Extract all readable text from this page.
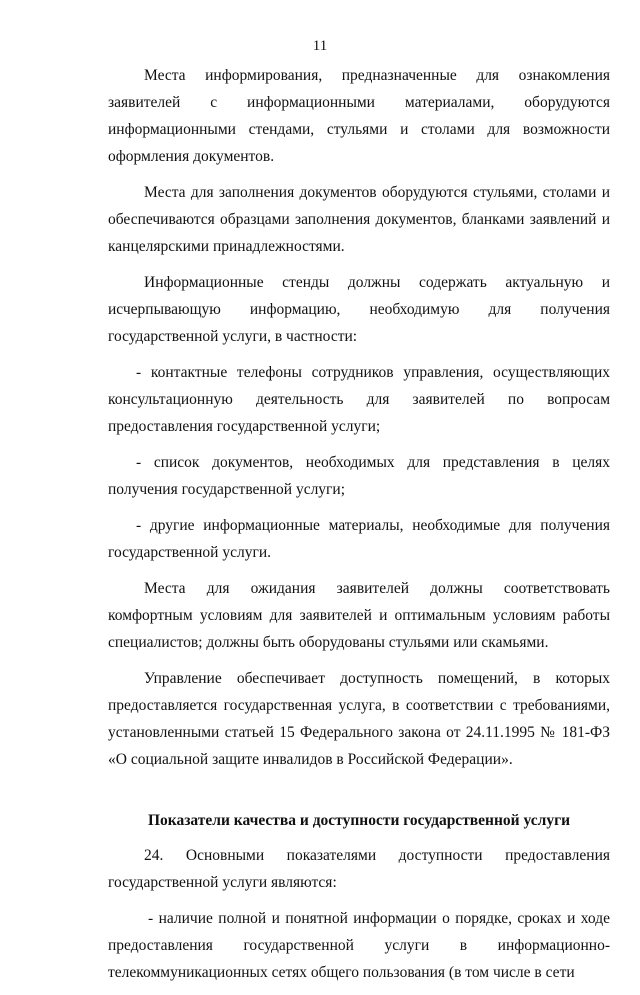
11

Места информирования, предназначенные для ознакомления заявителей с информационными материалами, оборудуются информационными стендами, стульями и столами для возможности оформления документов.

Места для заполнения документов оборудуются стульями, столами и обеспечиваются образцами заполнения документов, бланками заявлений и канцелярскими принадлежностями.

Информационные стенды должны содержать актуальную и исчерпывающую информацию, необходимую для получения государственной услуги, в частности:

- контактные телефоны сотрудников управления, осуществляющих консультационную деятельность для заявителей по вопросам предоставления государственной услуги;

- список документов, необходимых для представления в целях получения государственной услуги;

- другие информационные материалы, необходимые для получения государственной услуги.

Места для ожидания заявителей должны соответствовать комфортным условиям для заявителей и оптимальным условиям работы специалистов; должны быть оборудованы стульями или скамьями.

Управление обеспечивает доступность помещений, в которых предоставляется государственная услуга, в соответствии с требованиями, установленными статьей 15 Федерального закона от 24.11.1995 № 181-ФЗ «О социальной защите инвалидов в Российской Федерации».

Показатели качества и доступности государственной услуги

24. Основными показателями доступности предоставления государственной услуги являются:

- наличие полной и понятной информации о порядке, сроках и ходе предоставления государственной услуги в информационно-телекоммуникационных сетях общего пользования (в том числе в сети
